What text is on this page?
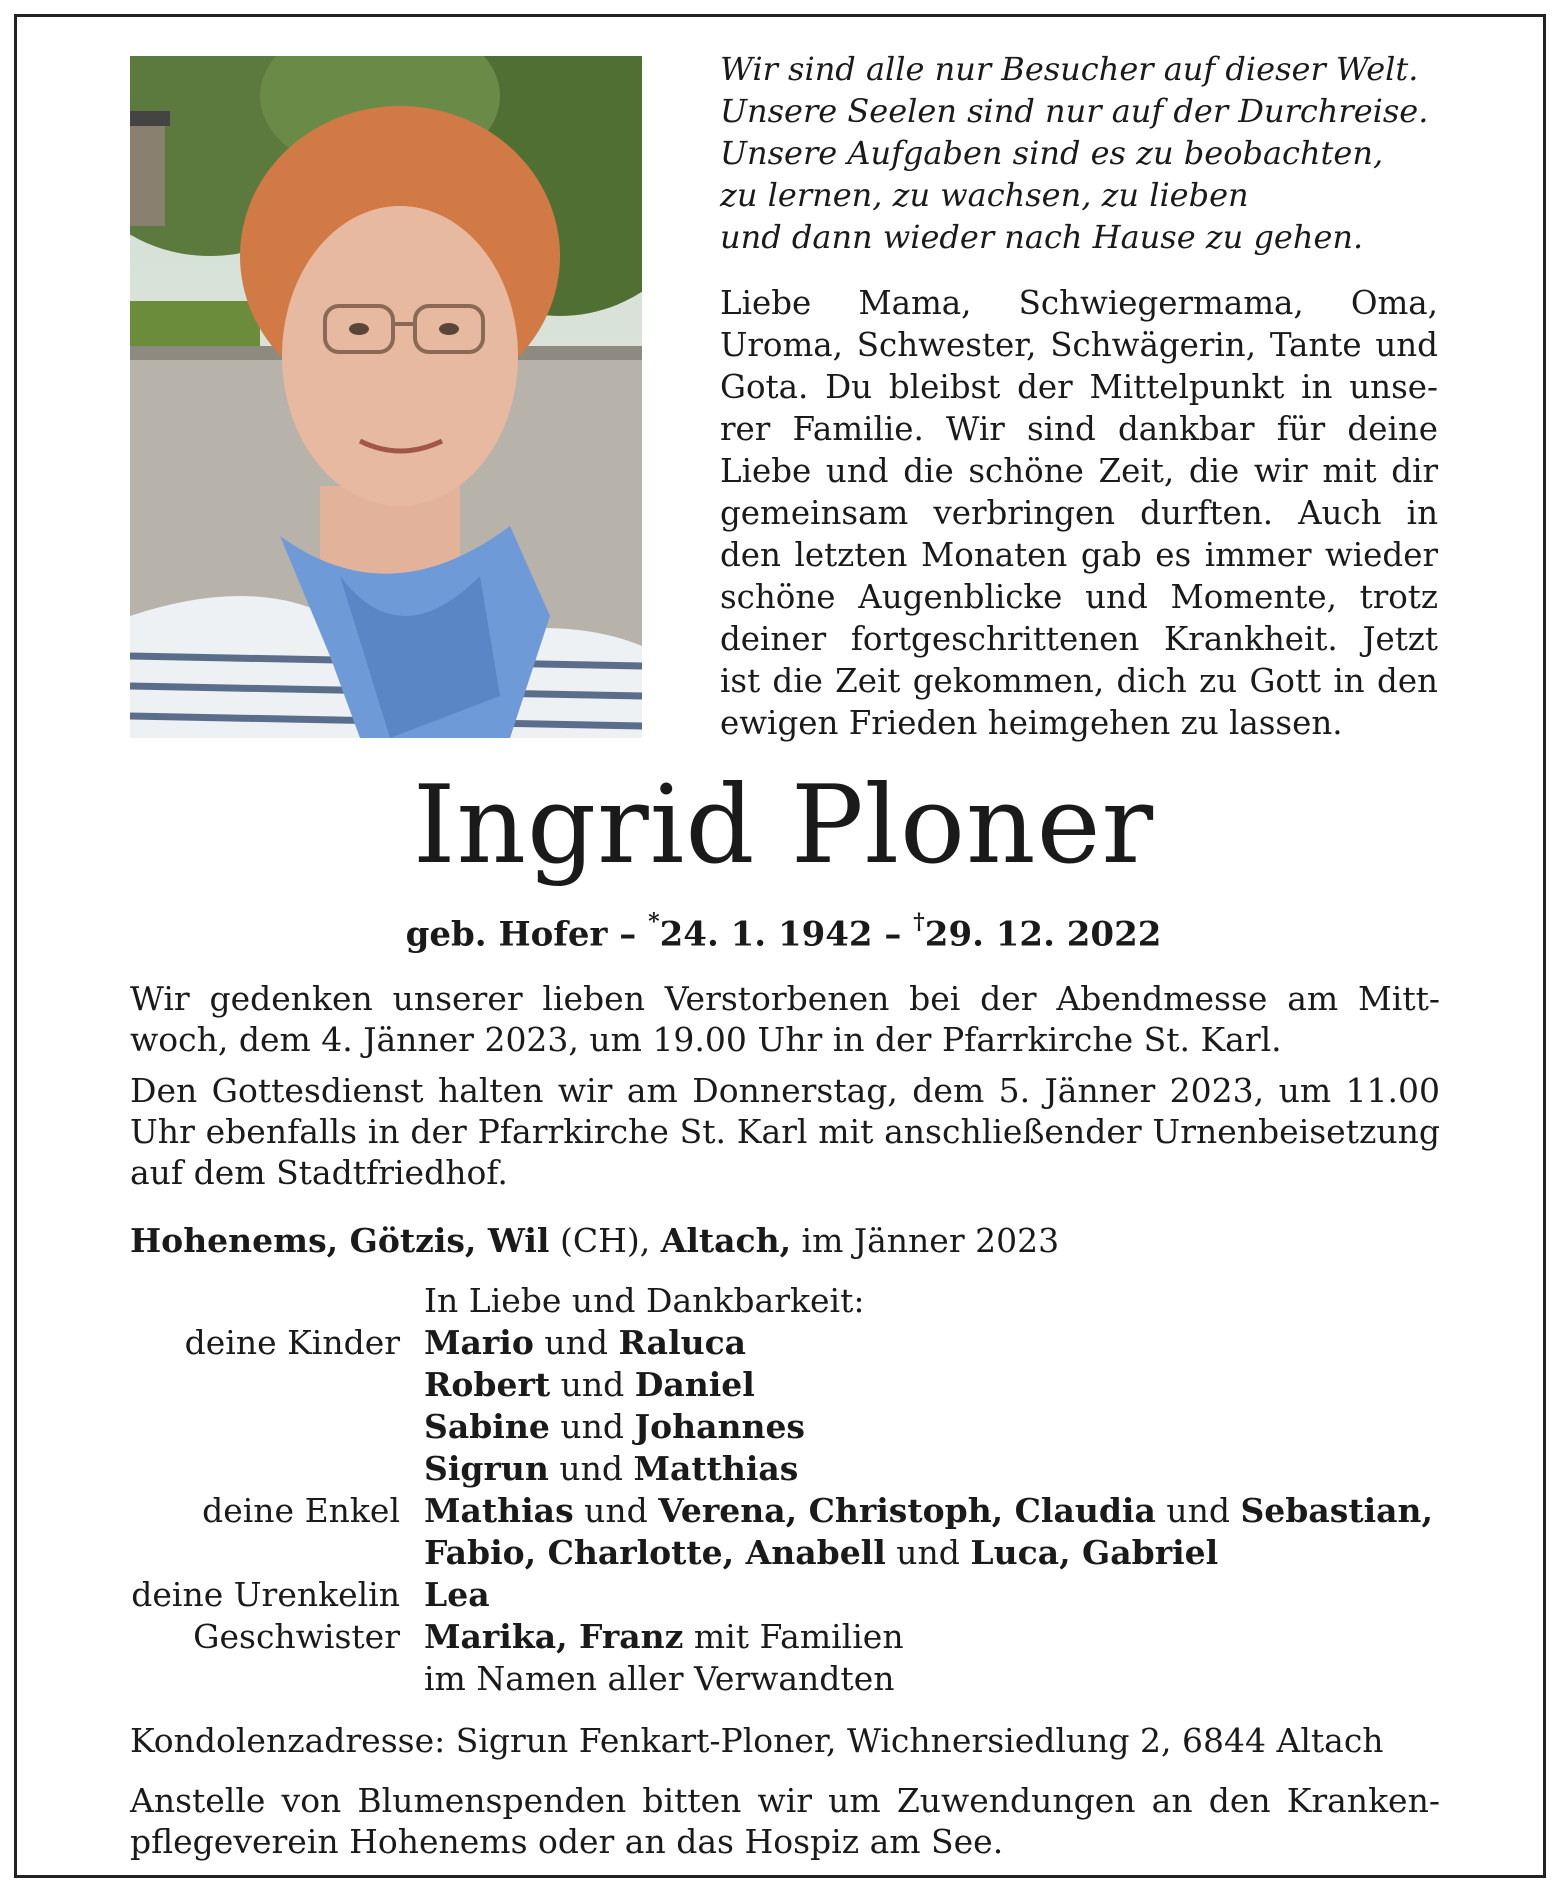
Wir sind alle nur Besucher auf dieser Welt.
Unsere Seelen sind nur auf der Durchreise.
Unsere Aufgaben sind es zu beobachten,
zu lernen, zu wachsen, zu lieben
und dann wieder nach Hause zu gehen.
Liebe Mama, Schwiegermama, Oma, Uroma, Schwester, Schwägerin, Tante und Gota. Du bleibst der Mittelpunkt in unserer Familie. Wir sind dankbar für deine Liebe und die schöne Zeit, die wir mit dir gemeinsam verbringen durften. Auch in den letzten Monaten gab es immer wieder schöne Augenblicke und Momente, trotz deiner fortgeschrittenen Krankheit. Jetzt ist die Zeit gekommen, dich zu Gott in den ewigen Frieden heimgehen zu lassen.
Ingrid Ploner
geb. Hofer – *24. 1. 1942 – †29. 12. 2022
Wir gedenken unserer lieben Verstorbenen bei der Abendmesse am Mittwoch, dem 4. Jänner 2023, um 19.00 Uhr in der Pfarrkirche St. Karl.
Den Gottesdienst halten wir am Donnerstag, dem 5. Jänner 2023, um 11.00 Uhr ebenfalls in der Pfarrkirche St. Karl mit anschließender Urnenbeisetzung auf dem Stadtfriedhof.
Hohenems, Götzis, Wil (CH), Altach, im Jänner 2023
In Liebe und Dankbarkeit:
deine Kinder Mario und Raluca
Robert und Daniel
Sabine und Johannes
Sigrun und Matthias
deine Enkel Mathias und Verena, Christoph, Claudia und Sebastian,
Fabio, Charlotte, Anabell und Luca, Gabriel
deine Urenkelin Lea
Geschwister Marika, Franz mit Familien
im Namen aller Verwandten
Kondolenzadresse: Sigrun Fenkart-Ploner, Wichnersiedlung 2, 6844 Altach
Anstelle von Blumenspenden bitten wir um Zuwendungen an den Krankenpflegeverein Hohenems oder an das Hospiz am See.
